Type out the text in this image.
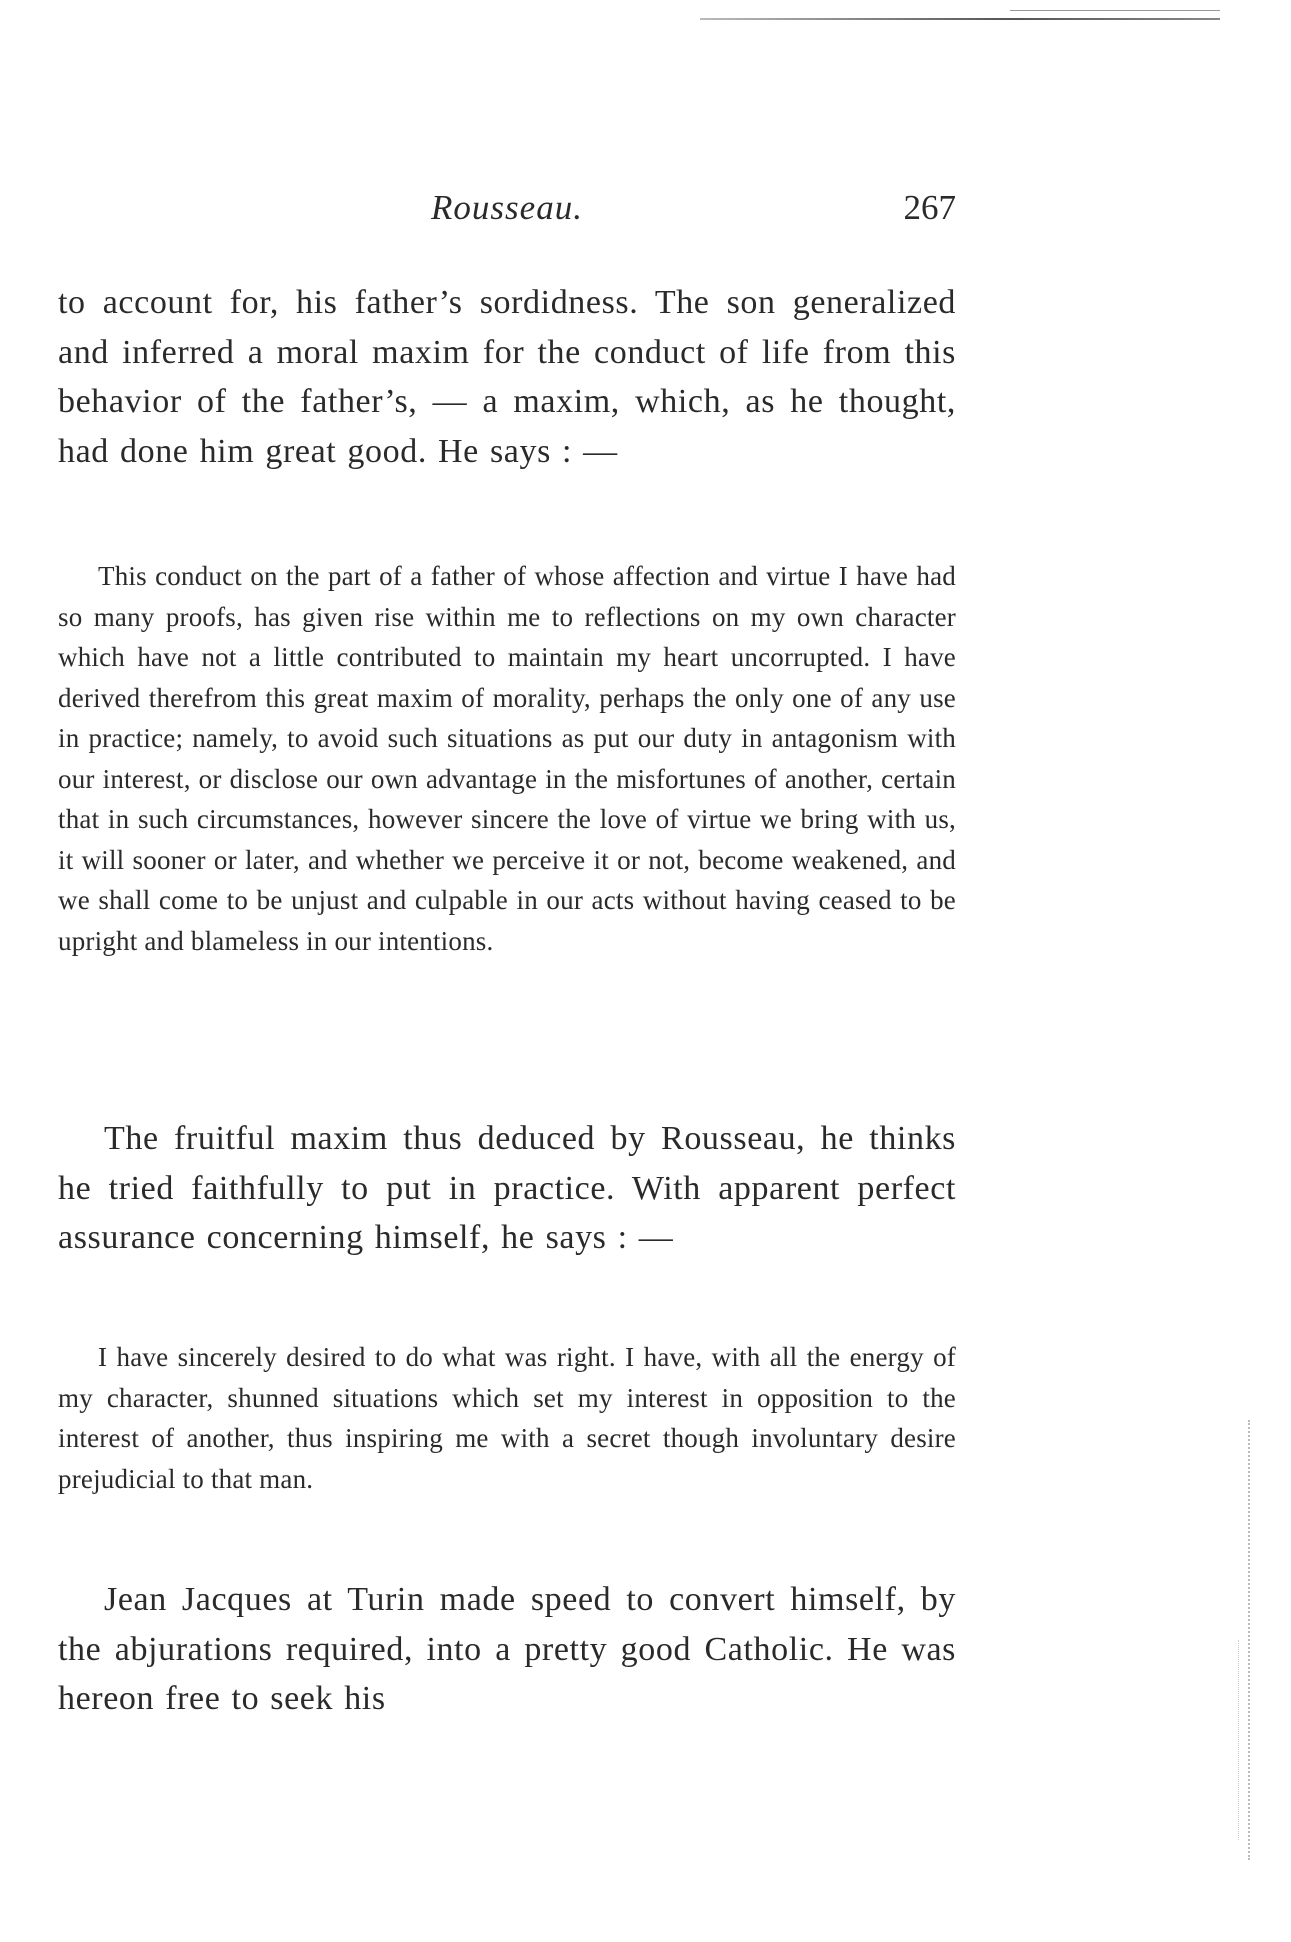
Rousseau.	267

to account for, his father’s sordidness. The son generalized and inferred a moral maxim for the conduct of life from this behavior of the father’s, — a maxim, which, as he thought, had done him great good. He says : —

This conduct on the part of a father of whose affection and virtue I have had so many proofs, has given rise within me to reflections on my own character which have not a little contributed to maintain my heart uncorrupted. I have derived therefrom this great maxim of morality, perhaps the only one of any use in practice; namely, to avoid such situations as put our duty in antagonism with our interest, or disclose our own advantage in the misfortunes of another, certain that in such circumstances, however sincere the love of virtue we bring with us, it will sooner or later, and whether we perceive it or not, become weakened, and we shall come to be unjust and culpable in our acts without having ceased to be upright and blameless in our intentions.

The fruitful maxim thus deduced by Rousseau, he thinks he tried faithfully to put in practice. With apparent perfect assurance concerning himself, he says : —

I have sincerely desired to do what was right. I have, with all the energy of my character, shunned situations which set my interest in opposition to the interest of another, thus inspiring me with a secret though involuntary desire prejudicial to that man.

Jean Jacques at Turin made speed to convert himself, by the abjurations required, into a pretty good Catholic. He was hereon free to seek his
